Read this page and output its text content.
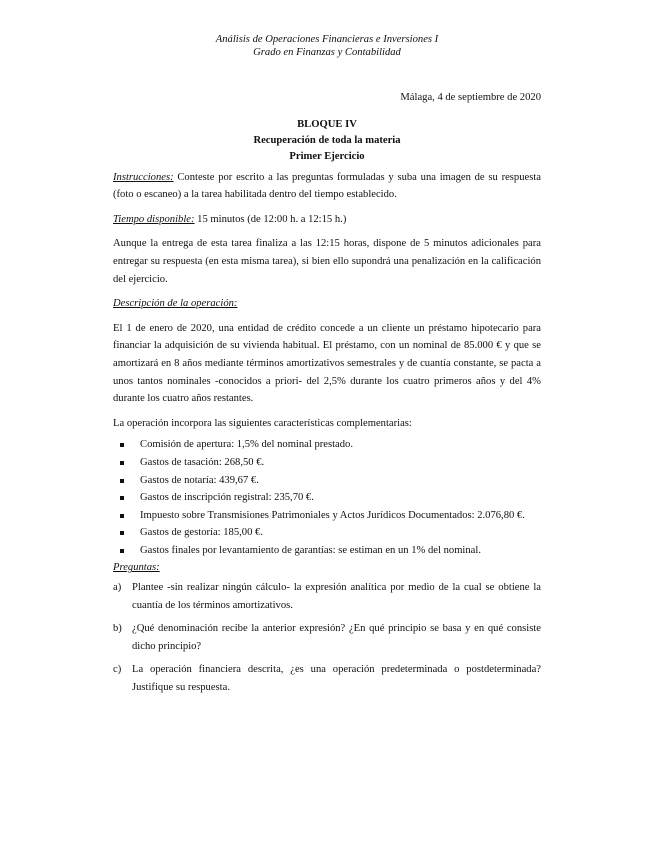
Análisis de Operaciones Financieras e Inversiones I
Grado en Finanzas y Contabilidad
Málaga, 4 de septiembre de 2020
BLOQUE IV
Recuperación de toda la materia
Primer Ejercicio

Instrucciones: Conteste por escrito a las preguntas formuladas y suba una imagen de su respuesta (foto o escaneo) a la tarea habilitada dentro del tiempo establecido.

Tiempo disponible: 15 minutos (de 12:00 h. a 12:15 h.)

Aunque la entrega de esta tarea finaliza a las 12:15 horas, dispone de 5 minutos adicionales para entregar su respuesta (en esta misma tarea), si bien ello supondrá una penalización en la calificación del ejercicio.

Descripción de la operación:

El 1 de enero de 2020, una entidad de crédito concede a un cliente un préstamo hipotecario para financiar la adquisición de su vivienda habitual. El préstamo, con un nominal de 85.000 € y que se amortizará en 8 años mediante términos amortizativos semestrales y de cuantía constante, se pacta a unos tantos nominales -conocidos a priori- del 2,5% durante los cuatro primeros años y del 4% durante los cuatro años restantes.

La operación incorpora las siguientes características complementarias:

Comisión de apertura: 1,5% del nominal prestado.
Gastos de tasación: 268,50 €.
Gastos de notaría: 439,67 €.
Gastos de inscripción registral: 235,70 €.
Impuesto sobre Transmisiones Patrimoniales y Actos Jurídicos Documentados: 2.076,80 €.
Gastos de gestoría: 185,00 €.
Gastos finales por levantamiento de garantías: se estiman en un 1% del nominal.

Preguntas:

a) Plantee -sin realizar ningún cálculo- la expresión analítica por medio de la cual se obtiene la cuantía de los términos amortizativos.
b) ¿Qué denominación recibe la anterior expresión? ¿En qué principio se basa y en qué consiste dicho principio?
c) La operación financiera descrita, ¿es una operación predeterminada o postdeterminada? Justifique su respuesta.
